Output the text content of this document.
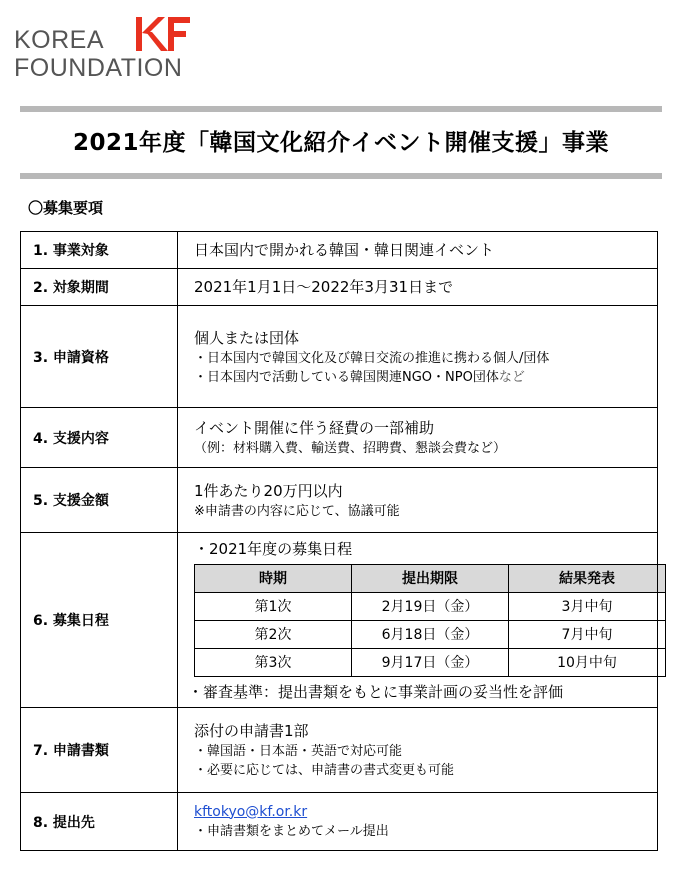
KOREA
FOUNDATION
2021年度「韓国文化紹介イベント開催支援」事業
〇募集要項
1. 事業対象	日本国内で開かれる韓国・韓日関連イベント

2. 対象期間	2021年1月1日～2022年3月31日まで

3. 申請資格	
個人または団体
・日本国内で韓国文化及び韓日交流の推進に携わる個人/団体
・日本国内で活動している韓国関連NGO・NPO団体など

4. 支援内容	
イベント開催に伴う経費の一部補助
（例：材料購入費、輸送費、招聘費、懇談会費など）

5. 支援金額	
1件あたり20万円以内
※申請書の内容に応じて、協議可能

6. 募集日程	
・2021年度の募集日程
時期	提出期限	結果発表
第1次	2月19日（金）	3月中旬
第2次	6月18日（金）	7月中旬
第3次	9月17日（金）	10月中旬
・審査基準：提出書類をもとに事業計画の妥当性を評価

7. 申請書類	
添付の申請書1部
・韓国語・日本語・英語で対応可能
・必要に応じては、申請書の書式変更も可能

8. 提出先	
kftokyo@kf.or.kr
・申請書類をまとめてメール提出
